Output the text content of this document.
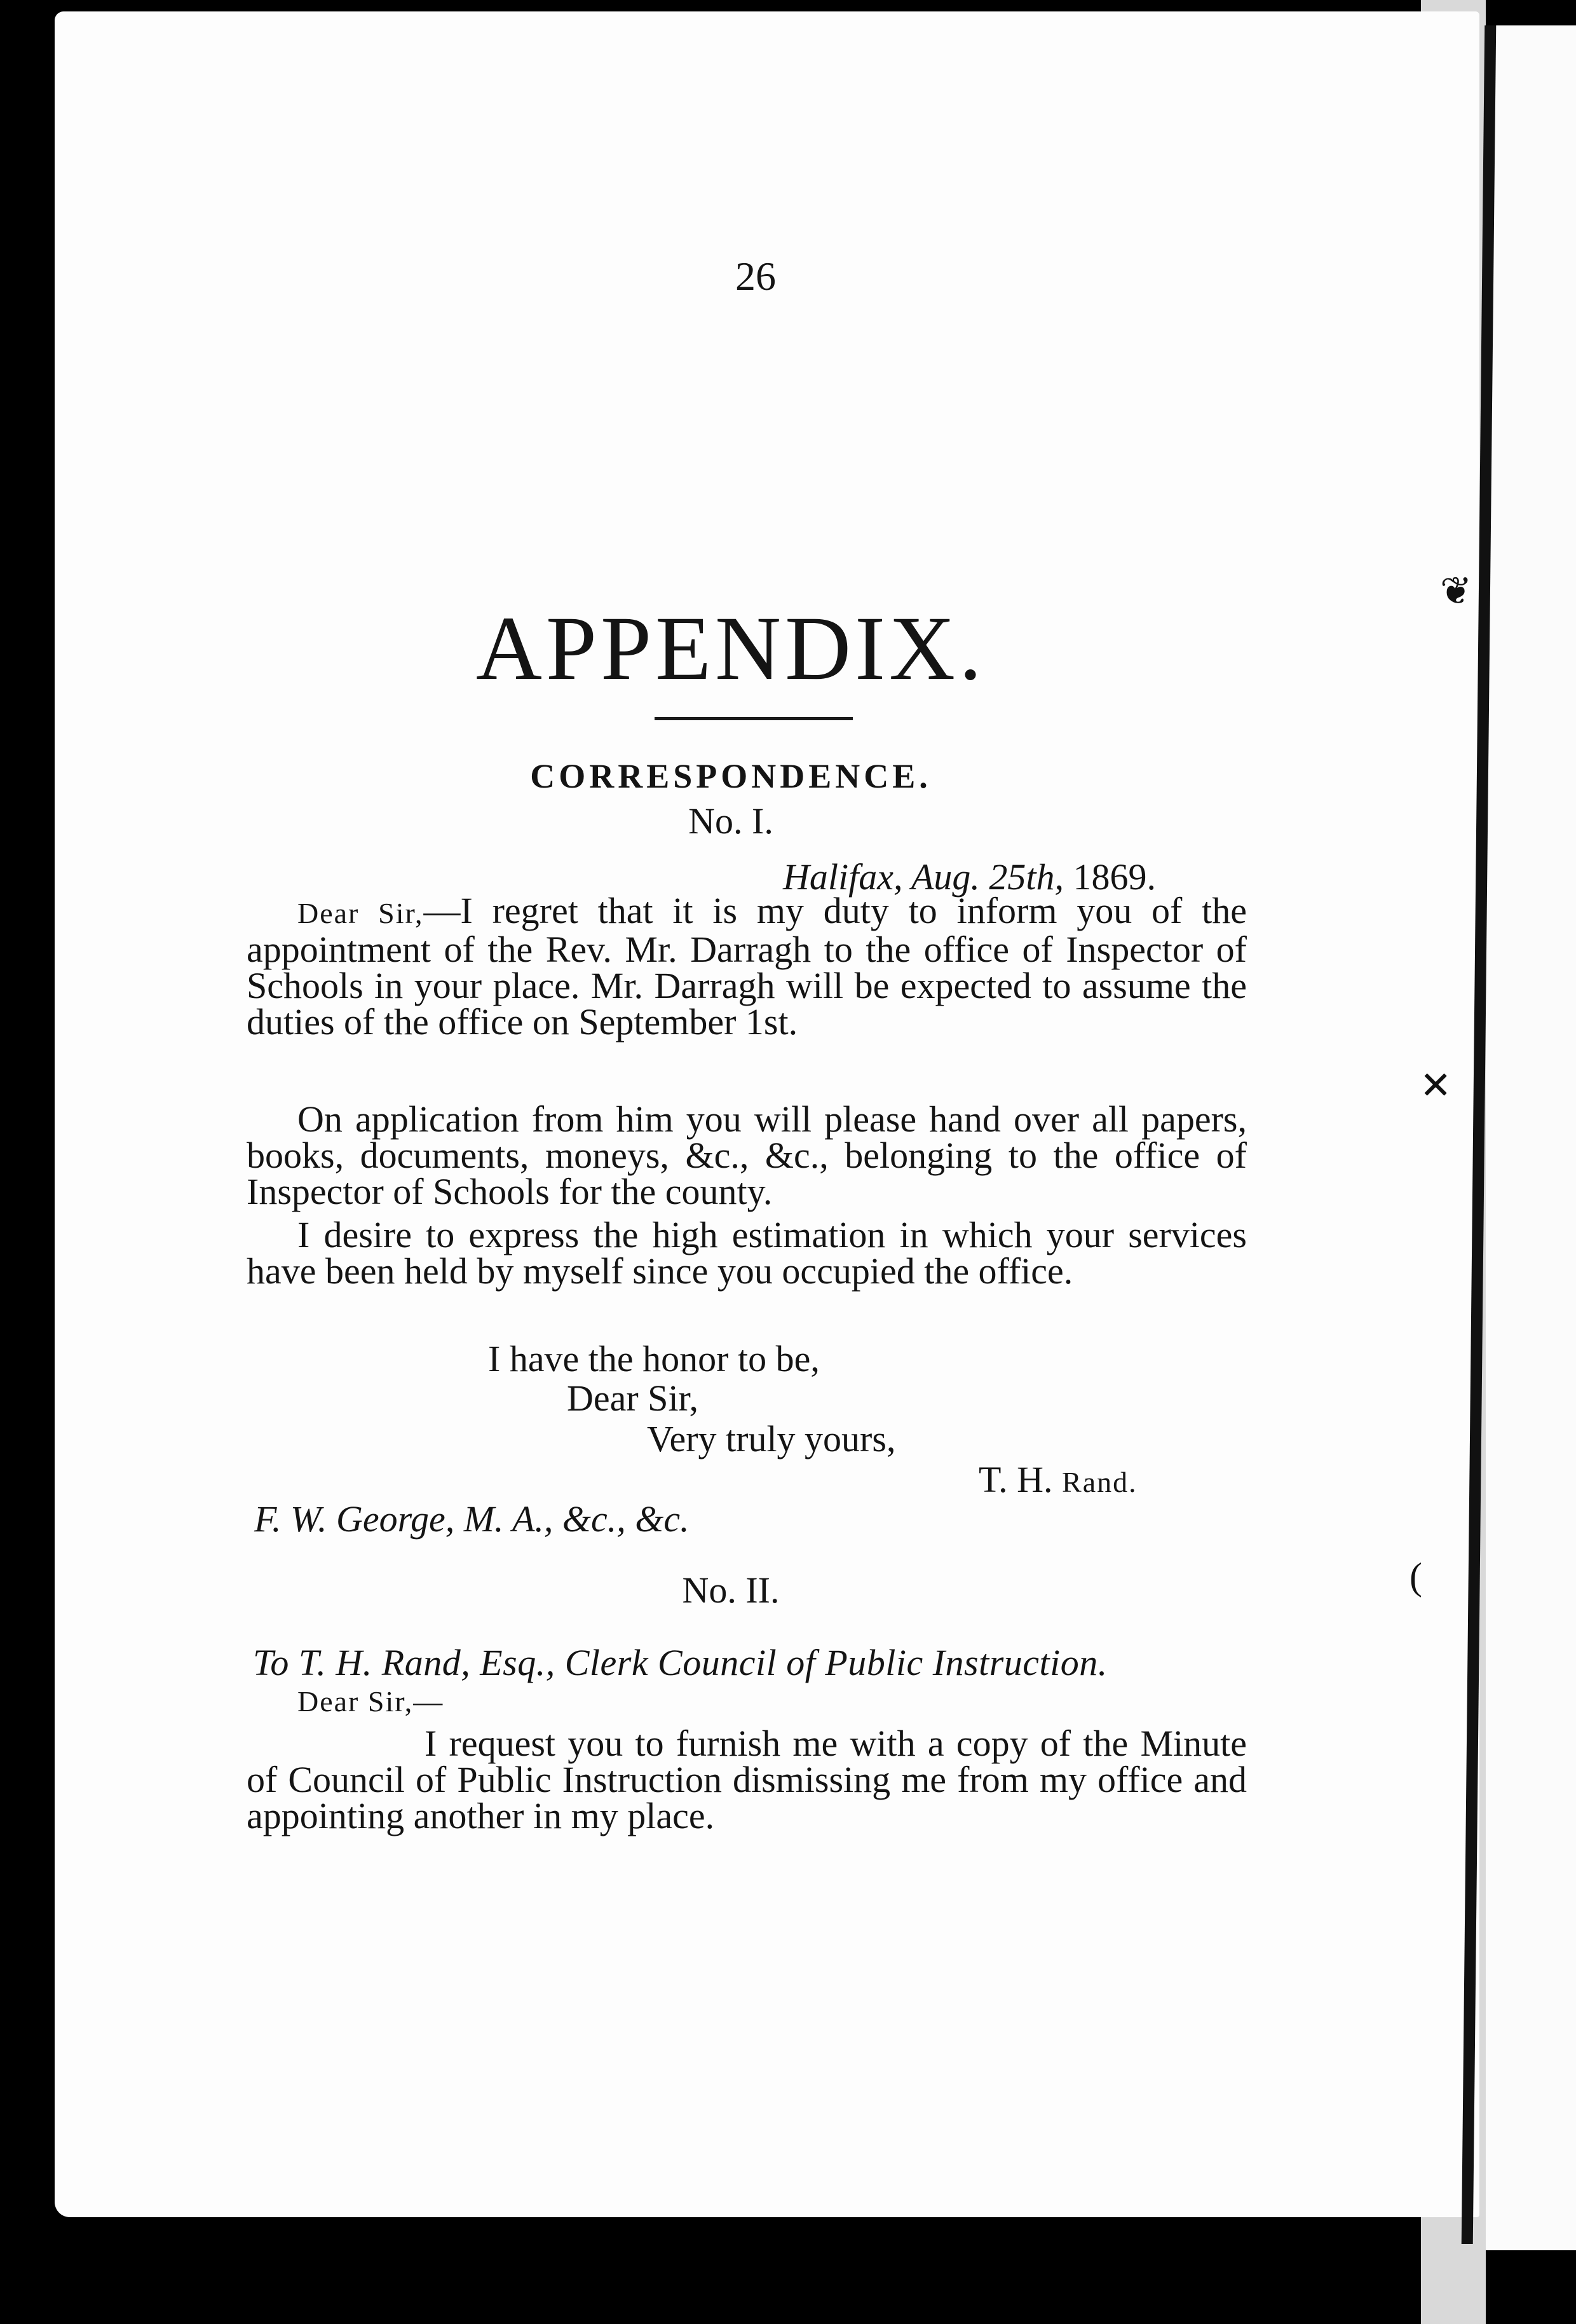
❦
✕
(
26
APPENDIX.
CORRESPONDENCE.
No. I.
Halifax, Aug. 25th, 1869.

Dear Sir,—I regret that it is my duty to inform you of the appointment of the Rev. Mr. Darragh to the office of Inspector of Schools in your place. Mr. Darragh will be expected to assume the duties of the office on September 1st.

On application from him you will please hand over all papers, books, documents, moneys, &c., &c., belonging to the office of Inspector of Schools for the county.

I desire to express the high estimation in which your services have been held by myself since you occupied the office.

I have the honor to be,
Dear Sir,
Very truly yours,
T. H. Rand.
F. W. George, M. A., &c., &c.
No. II.
To T. H. Rand, Esq., Clerk Council of Public Instruction.
Dear Sir,—

I request you to furnish me with a copy of the Minute of Council of Public Instruction dismissing me from my office and appointing another in my place.
